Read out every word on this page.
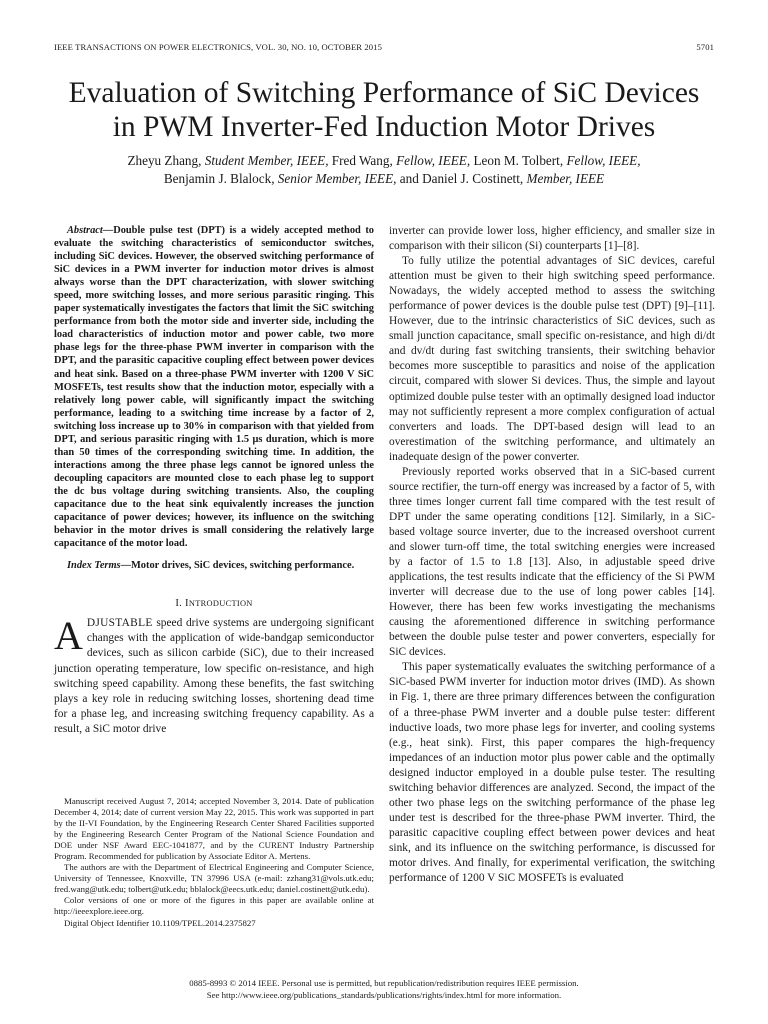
IEEE TRANSACTIONS ON POWER ELECTRONICS, VOL. 30, NO. 10, OCTOBER 2015	5701
Evaluation of Switching Performance of SiC Devices
in PWM Inverter-Fed Induction Motor Drives
Zheyu Zhang, Student Member, IEEE, Fred Wang, Fellow, IEEE, Leon M. Tolbert, Fellow, IEEE,
Benjamin J. Blalock, Senior Member, IEEE, and Daniel J. Costinett, Member, IEEE

Abstract—Double pulse test (DPT) is a widely accepted method to evaluate the switching characteristics of semiconductor switches, including SiC devices. However, the observed switching performance of SiC devices in a PWM inverter for induction motor drives is almost always worse than the DPT characterization, with slower switching speed, more switching losses, and more serious parasitic ringing. This paper systematically investigates the factors that limit the SiC switching performance from both the motor side and inverter side, including the load characteristics of induction motor and power cable, two more phase legs for the three-phase PWM inverter in comparison with the DPT, and the parasitic capacitive coupling effect between power devices and heat sink. Based on a three-phase PWM inverter with 1200 V SiC MOSFETs, test results show that the induction motor, especially with a relatively long power cable, will significantly impact the switching performance, leading to a switching time increase by a factor of 2, switching loss increase up to 30% in comparison with that yielded from DPT, and serious parasitic ringing with 1.5 μs duration, which is more than 50 times of the corresponding switching time. In addition, the interactions among the three phase legs cannot be ignored unless the decoupling capacitors are mounted close to each phase leg to support the dc bus voltage during switching transients. Also, the coupling capacitance due to the heat sink equivalently increases the junction capacitance of power devices; however, its influence on the switching behavior in the motor drives is small considering the relatively large capacitance of the motor load.

Index Terms—Motor drives, SiC devices, switching performance.

I. INTRODUCTION

ADJUSTABLE speed drive systems are undergoing significant changes with the application of wide-bandgap semiconductor devices, such as silicon carbide (SiC), due to their increased junction operating temperature, low specific on-resistance, and high switching speed capability. Among these benefits, the fast switching plays a key role in reducing switching losses, shortening dead time for a phase leg, and increasing switching frequency capability. As a result, a SiC motor drive

Manuscript received August 7, 2014; accepted November 3, 2014. Date of publication December 4, 2014; date of current version May 22, 2015. This work was supported in part by the II-VI Foundation, by the Engineering Research Center Shared Facilities supported by the Engineering Research Center Program of the National Science Foundation and DOE under NSF Award EEC-1041877, and by the CURENT Industry Partnership Program. Recommended for publication by Associate Editor A. Mertens.

The authors are with the Department of Electrical Engineering and Computer Science, University of Tennessee, Knoxville, TN 37996 USA (e-mail: zzhang31@vols.utk.edu; fred.wang@utk.edu; tolbert@utk.edu; bblalock@eecs.utk.edu; daniel.costinett@utk.edu).

Color versions of one or more of the figures in this paper are available online at http://ieeexplore.ieee.org.

Digital Object Identifier 10.1109/TPEL.2014.2375827

inverter can provide lower loss, higher efficiency, and smaller size in comparison with their silicon (Si) counterparts [1]–[8].

To fully utilize the potential advantages of SiC devices, careful attention must be given to their high switching speed performance. Nowadays, the widely accepted method to assess the switching performance of power devices is the double pulse test (DPT) [9]–[11]. However, due to the intrinsic characteristics of SiC devices, such as small junction capacitance, small specific on-resistance, and high di/dt and dv/dt during fast switching transients, their switching behavior becomes more susceptible to parasitics and noise of the application circuit, compared with slower Si devices. Thus, the simple and layout optimized double pulse tester with an optimally designed load inductor may not sufficiently represent a more complex configuration of actual converters and loads. The DPT-based design will lead to an overestimation of the switching performance, and ultimately an inadequate design of the power converter.

Previously reported works observed that in a SiC-based current source rectifier, the turn-off energy was increased by a factor of 5, with three times longer current fall time compared with the test result of DPT under the same operating conditions [12]. Similarly, in a SiC-based voltage source inverter, due to the increased overshoot current and slower turn-off time, the total switching energies were increased by a factor of 1.5 to 1.8 [13]. Also, in adjustable speed drive applications, the test results indicate that the efficiency of the Si PWM inverter will decrease due to the use of long power cables [14]. However, there has been few works investigating the mechanisms causing the aforementioned difference in switching performance between the double pulse tester and power converters, especially for SiC devices.

This paper systematically evaluates the switching performance of a SiC-based PWM inverter for induction motor drives (IMD). As shown in Fig. 1, there are three primary differences between the configuration of a three-phase PWM inverter and a double pulse tester: different inductive loads, two more phase legs for inverter, and cooling systems (e.g., heat sink). First, this paper compares the high-frequency impedances of an induction motor plus power cable and the optimally designed inductor employed in a double pulse tester. The resulting switching behavior differences are analyzed. Second, the impact of the other two phase legs on the switching performance of the phase leg under test is described for the three-phase PWM inverter. Third, the parasitic capacitive coupling effect between power devices and heat sink, and its influence on the switching performance, is discussed for motor drives. And finally, for experimental verification, the switching performance of 1200 V SiC MOSFETs is evaluated

0885-8993 © 2014 IEEE. Personal use is permitted, but republication/redistribution requires IEEE permission.
See http://www.ieee.org/publications_standards/publications/rights/index.html for more information.
